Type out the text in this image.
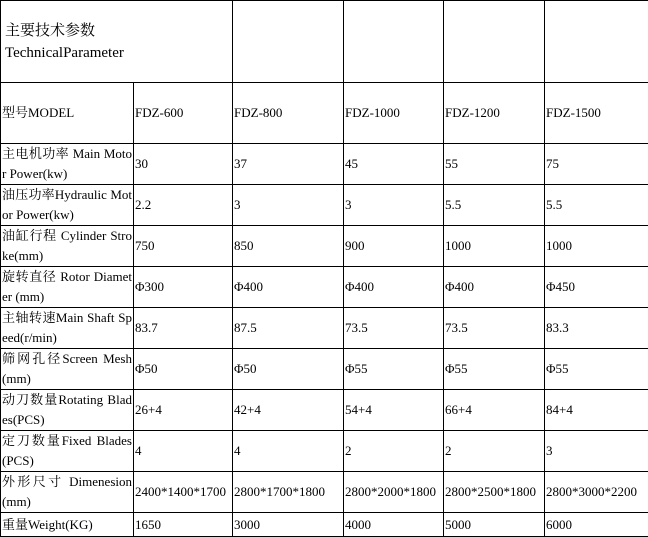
主要技术参数
TechnicalParameter					

型号MODEL	FDZ-600	FDZ-800	FDZ-1000	FDZ-1200	FDZ-1500
主电机功率 Main Motor Power(kw)	30	37	45	55	75
油压功率Hydraulic Motor Power(kw)	2.2	3	3	5.5	5.5
油缸行程 Cylinder Stroke(mm)	750	850	900	1000	1000
旋转直径 Rotor Diameter (mm)	Φ300	Φ400	Φ400	Φ400	Φ450
主轴转速Main Shaft Speed(r/min)	83.7	87.5	73.5	73.5	83.3
筛网孔径Screen Mesh(mm)	Φ50	Φ50	Φ55	Φ55	Φ55
动刀数量Rotating Blades(PCS)	26+4	42+4	54+4	66+4	84+4
定刀数量Fixed Blades(PCS)	4	4	2	2	3
外形尺寸 Dimenesion(mm)	2400*1400*1700	2800*1700*1800	2800*2000*1800	2800*2500*1800	2800*3000*2200
重量Weight(KG)	1650	3000	4000	5000	6000
